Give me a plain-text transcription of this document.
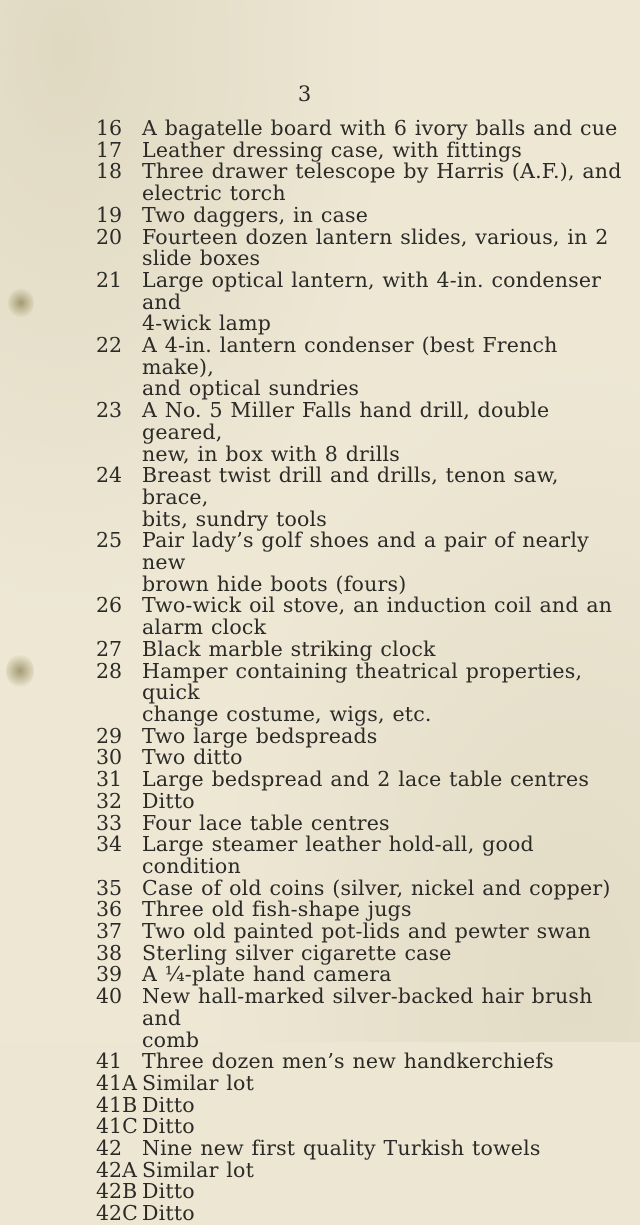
3
16 A bagatelle board with 6 ivory balls and cue
17 Leather dressing case, with fittings
18 Three drawer telescope by Harris (A.F.), and
electric torch
19 Two daggers, in case
20 Fourteen dozen lantern slides, various, in 2
slide boxes
21 Large optical lantern, with 4-in. condenser and
4-wick lamp
22 A 4-in. lantern condenser (best French make),
and optical sundries
23 A No. 5 Miller Falls hand drill, double geared,
new, in box with 8 drills
24 Breast twist drill and drills, tenon saw, brace,
bits, sundry tools
25 Pair lady’s golf shoes and a pair of nearly new
brown hide boots (fours)
26 Two-wick oil stove, an induction coil and an
alarm clock
27 Black marble striking clock
28 Hamper containing theatrical properties, quick
change costume, wigs, etc.
29 Two large bedspreads
30 Two ditto
31 Large bedspread and 2 lace table centres
32 Ditto
33 Four lace table centres
34 Large steamer leather hold-all, good condition
35 Case of old coins (silver, nickel and copper)
36 Three old fish-shape jugs
37 Two old painted pot-lids and pewter swan
38 Sterling silver cigarette case
39 A ¼-plate hand camera
40 New hall-marked silver-backed hair brush and
comb
41 Three dozen men’s new handkerchiefs
41A Similar lot
41B Ditto
41C Ditto
42 Nine new first quality Turkish towels
42A Similar lot
42B Ditto
42C Ditto
